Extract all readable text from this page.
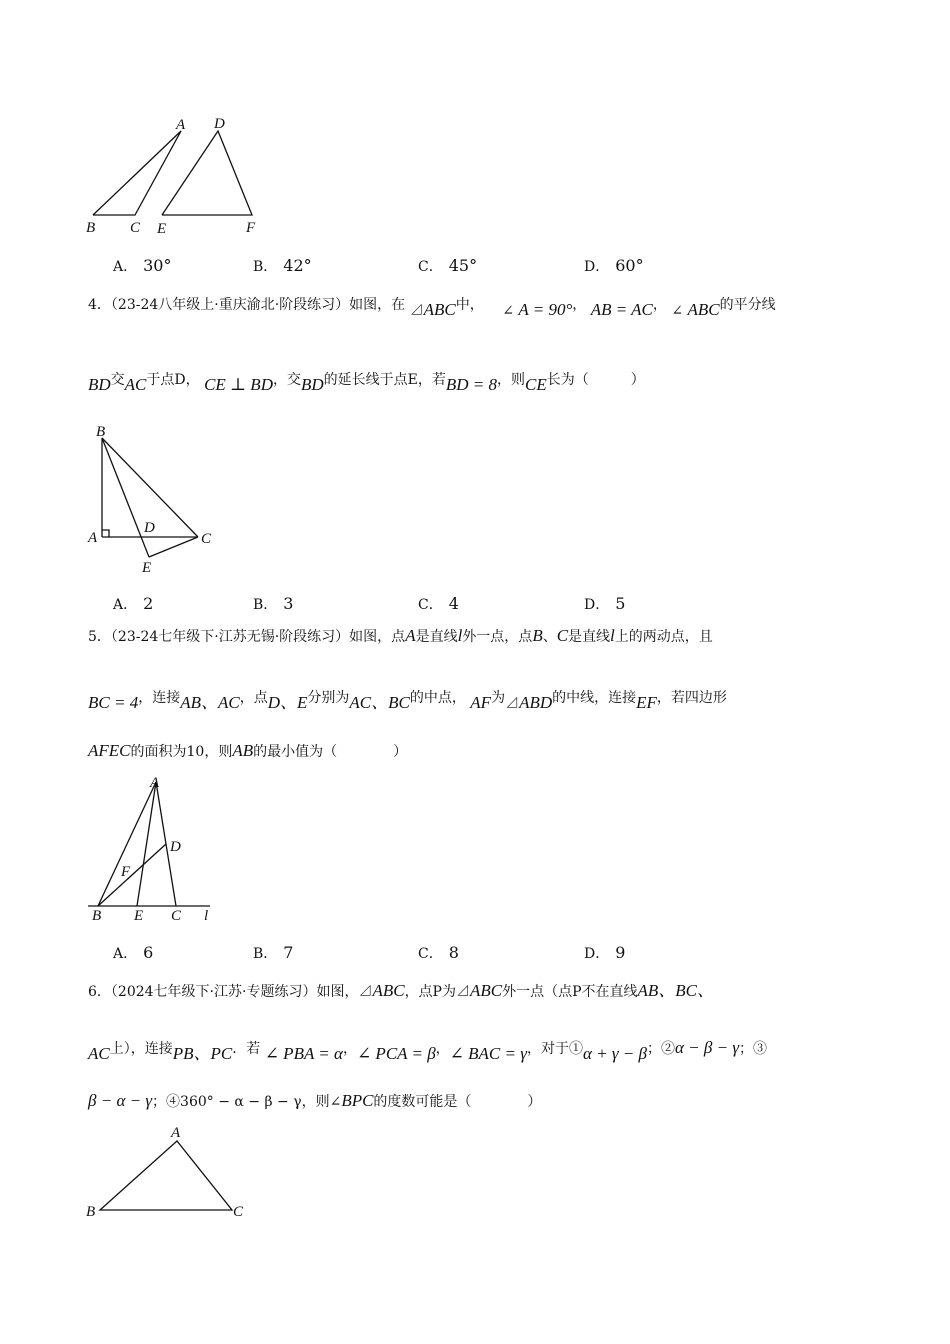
A
B C
D
E	F
A． 30°	B． 42°	C． 45°	D． 60°
4．（23-24八年级上·重庆渝北·阶段练习）如图，在 ⊿ABC中， ∠ A = 90°， AB = AC， ∠ ABC的平分线
BD交AC于点D， CE ⊥ BD，交BD的延长线于点E，若BD = 8，则CE长为（　　　）
B
A
D
C
E
A． 2	B． 3	C． 4	D． 5
5．（23-24七年级下·江苏无锡·阶段练习）如图，点A是直线l外一点，点B、C是直线l上的两动点，且
BC = 4，连接AB、AC，点D、E分别为AC、BC的中点， AF为⊿ABD的中线，连接EF，若四边形
AFEC的面积为10，则AB的最小值为（　　　　）
A
D
F
B E C l
A． 6	B． 7	C． 8	D． 9
6．（2024七年级下·江苏·专题练习）如图，⊿ABC，点P为⊿ABC外一点（点P不在直线AB、BC、
AC上），连接PB、PC．若 ∠ PBA = α，∠ PCA = β，∠ BAC = γ，对于①α + γ − β；②α − β − γ；③
β − α − γ；④360° − α − β − γ，则∠BPC的度数可能是（　　　　）
A
B	C
